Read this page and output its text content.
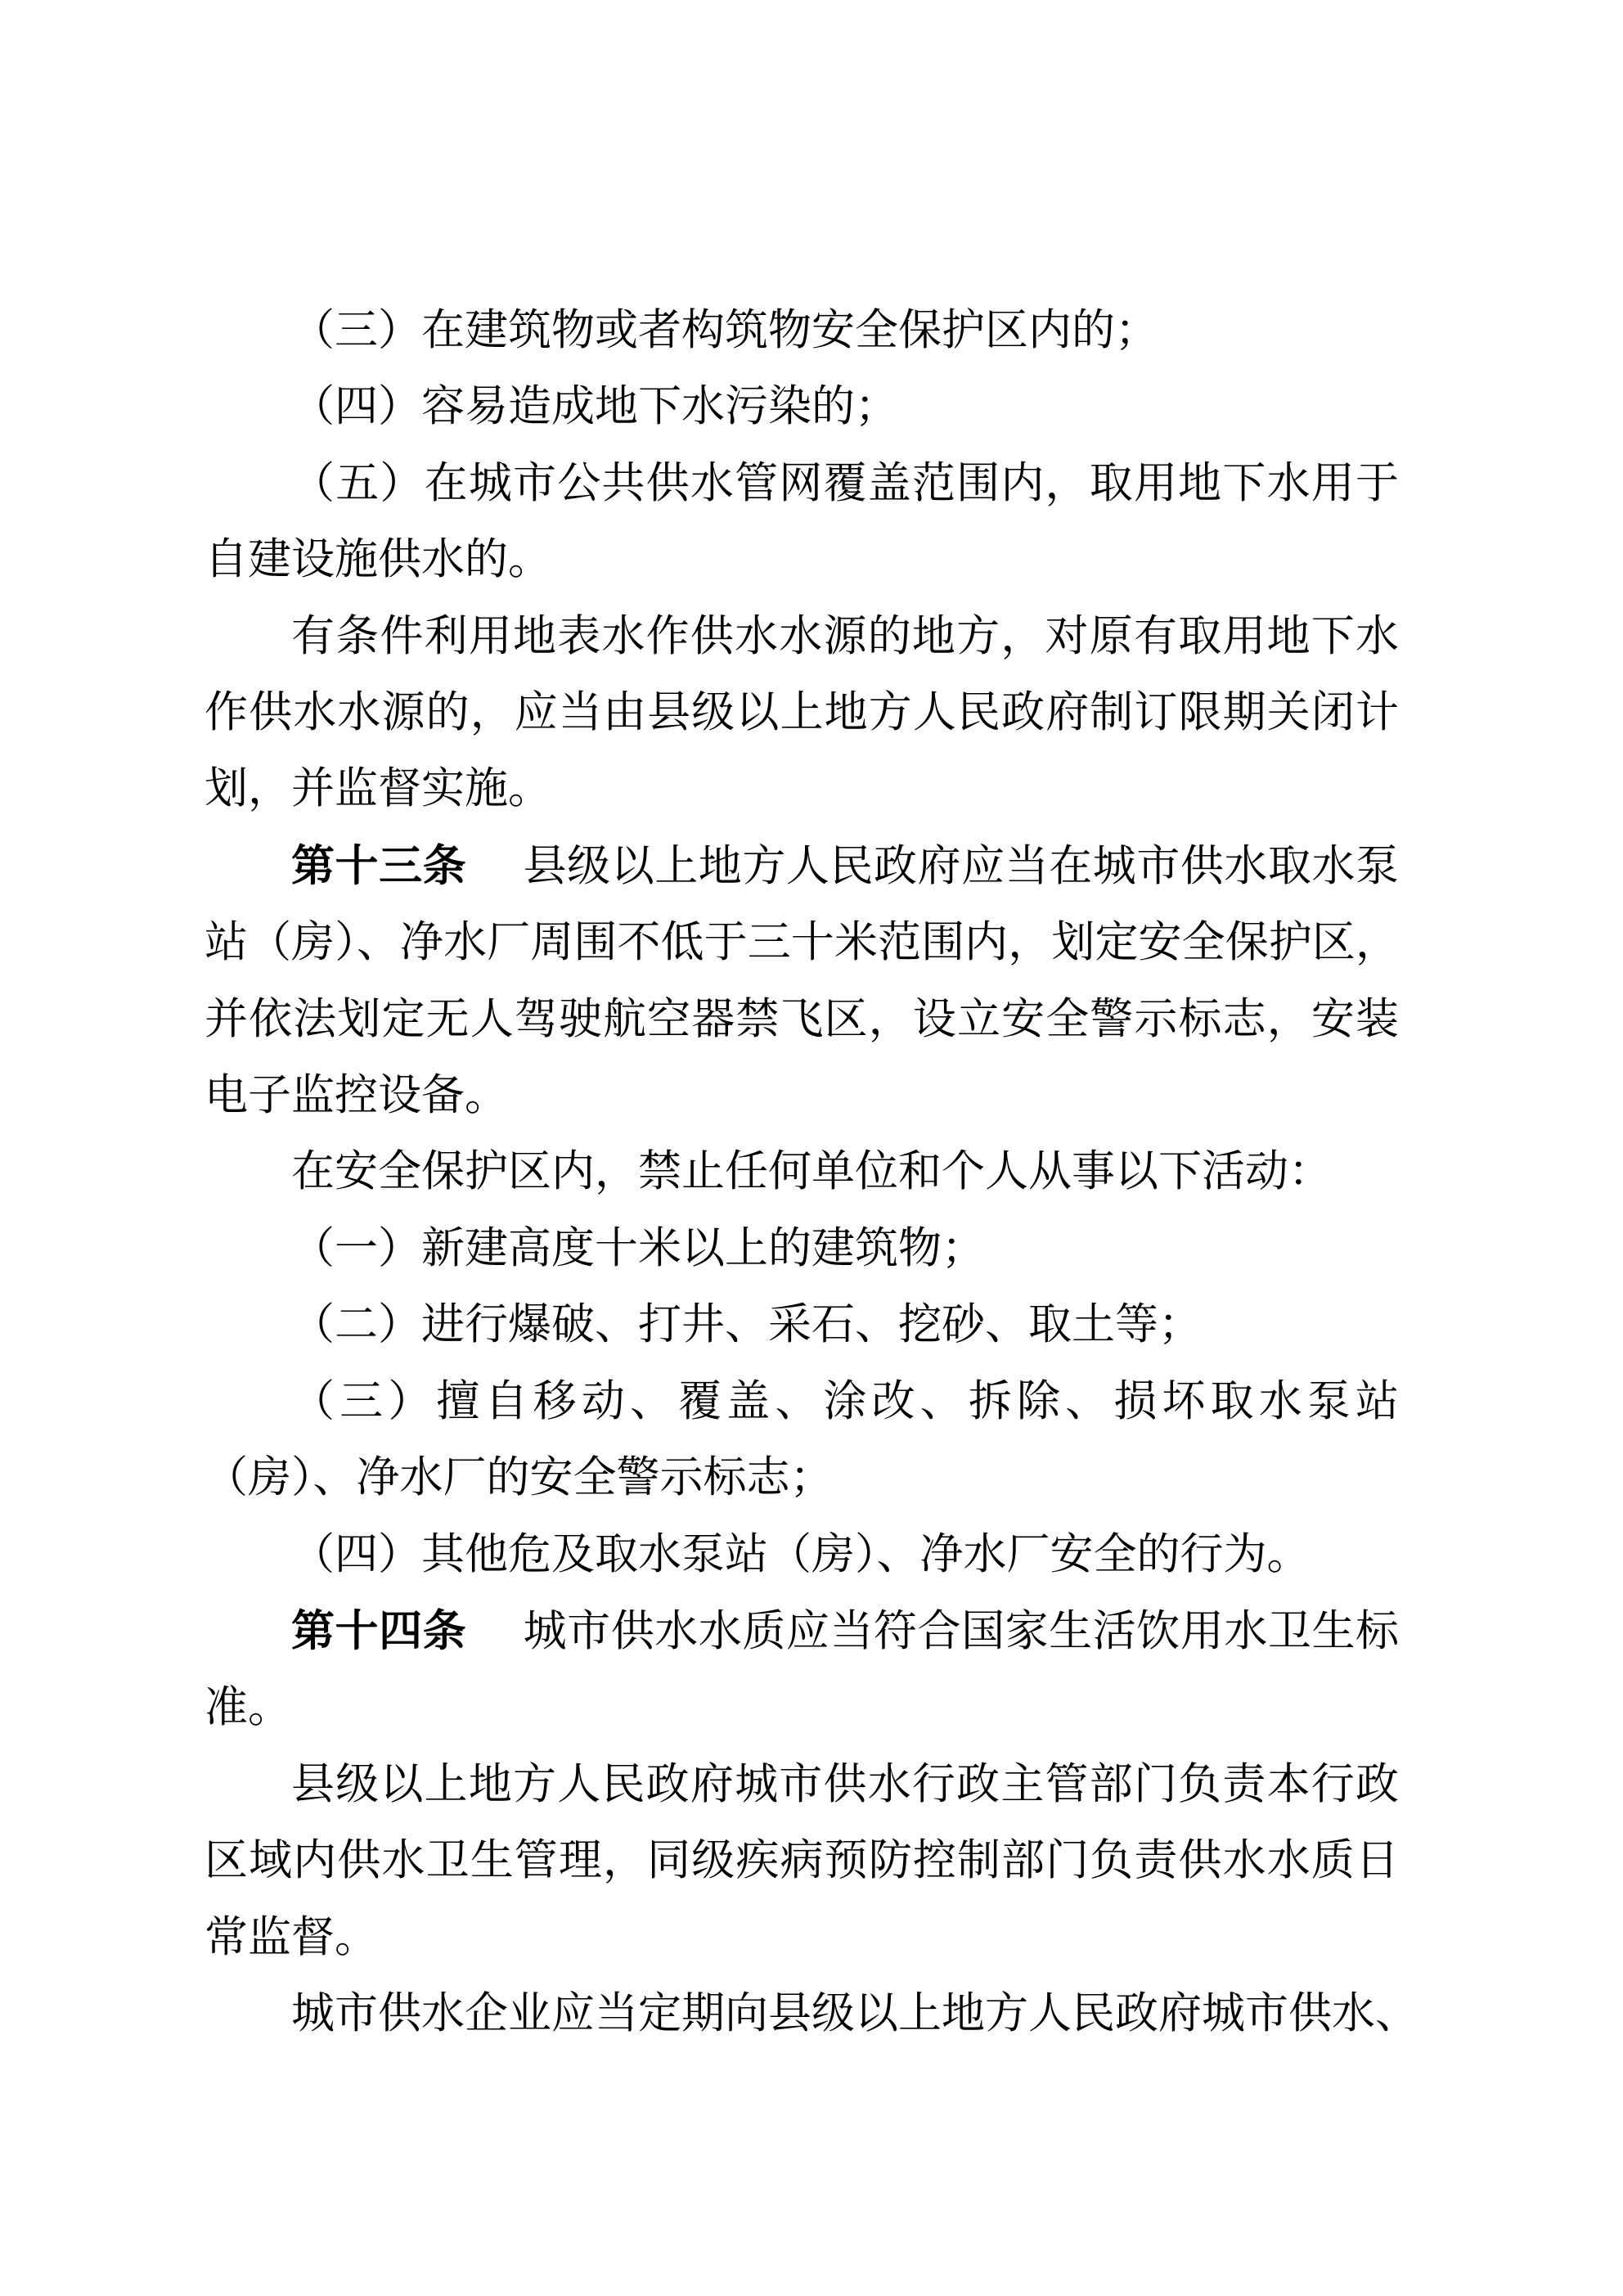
（三）在建筑物或者构筑物安全保护区内的；

（四）容易造成地下水污染的；

（五）在城市公共供水管网覆盖范围内，取用地下水用于自建设施供水的。

有条件利用地表水作供水水源的地方，对原有取用地下水作供水水源的，应当由县级以上地方人民政府制订限期关闭计划，并监督实施。

第十三条　县级以上地方人民政府应当在城市供水取水泵站（房）、净水厂周围不低于三十米范围内，划定安全保护区，并依法划定无人驾驶航空器禁飞区，设立安全警示标志，安装电子监控设备。

在安全保护区内，禁止任何单位和个人从事以下活动：

（一）新建高度十米以上的建筑物；

（二）进行爆破、打井、采石、挖砂、取土等；

（三）擅自移动、覆盖、涂改、拆除、损坏取水泵站（房）、净水厂的安全警示标志；

（四）其他危及取水泵站（房）、净水厂安全的行为。

第十四条　城市供水水质应当符合国家生活饮用水卫生标准。

县级以上地方人民政府城市供水行政主管部门负责本行政区域内供水卫生管理，同级疾病预防控制部门负责供水水质日常监督。

城市供水企业应当定期向县级以上地方人民政府城市供水、
